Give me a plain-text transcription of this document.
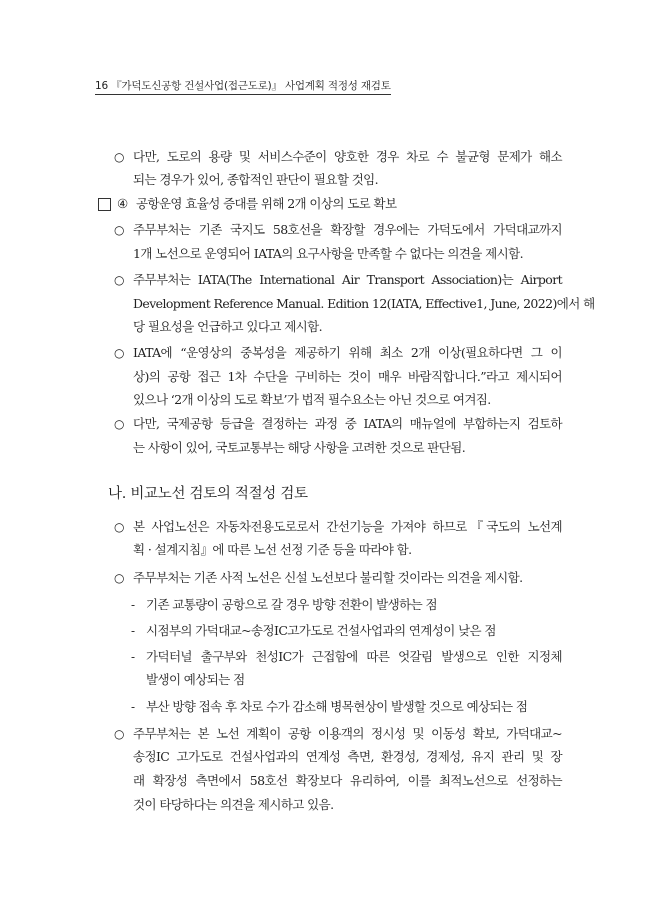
16 『가덕도신공항 건설사업(접근도로)』 사업계획 적정성 재검토
○ 다만, 도로의 용량 및 서비스수준이 양호한 경우 차로 수 불균형 문제가 해소
되는 경우가 있어, 종합적인 판단이 필요할 것임.
○ 주무부처는 기존 국지도 58호선을 확장할 경우에는 가덕도에서 가덕대교까지
1개 노선으로 운영되어 IATA의 요구사항을 만족할 수 없다는 의견을 제시함.
○ 주무부처는 IATA(The International Air Transport Association)는 Airport
Development Reference Manual. Edition 12(IATA, Effective1, June, 2022)에서 해
당 필요성을 언급하고 있다고 제시함.
○ IATA에 “운영상의 중복성을 제공하기 위해 최소 2개 이상(필요하다면 그 이
상)의 공항 접근 1차 수단을 구비하는 것이 매우 바람직합니다.”라고 제시되어
있으나 ‘2개 이상의 도로 확보’가 법적 필수요소는 아닌 것으로 여겨짐.
○ 다만, 국제공항 등급을 결정하는 과정 중 IATA의 매뉴얼에 부합하는지 검토하
는 사항이 있어, 국토교통부는 해당 사항을 고려한 것으로 판단됨.
○ 본 사업노선은 자동차전용도로로서 간선기능을 가져야 하므로『국도의 노선계
획 · 설계지침』에 따른 노선 선정 기준 등을 따라야 함.
○ 주무부처는 기존 사적 노선은 신설 노선보다 불리할 것이라는 의견을 제시함.
- 기존 교통량이 공항으로 갈 경우 방향 전환이 발생하는 점
- 시점부의 가덕대교~송정IC고가도로 건설사업과의 연계성이 낮은 점
- 가덕터널 출구부와 천성IC가 근접함에 따른 엇갈림 발생으로 인한 지정체
발생이 예상되는 점
- 부산 방향 접속 후 차로 수가 감소해 병목현상이 발생할 것으로 예상되는 점
○ 주무부처는 본 노선 계획이 공항 이용객의 정시성 및 이동성 확보, 가덕대교~
송정IC 고가도로 건설사업과의 연계성 측면, 환경성, 경제성, 유지 관리 및 장
래 확장성 측면에서 58호선 확장보다 유리하여, 이를 최적노선으로 선정하는
것이 타당하다는 의견을 제시하고 있음.
④ 공항운영 효율성 증대를 위해 2개 이상의 도로 확보
나. 비교노선 검토의 적절성 검토
